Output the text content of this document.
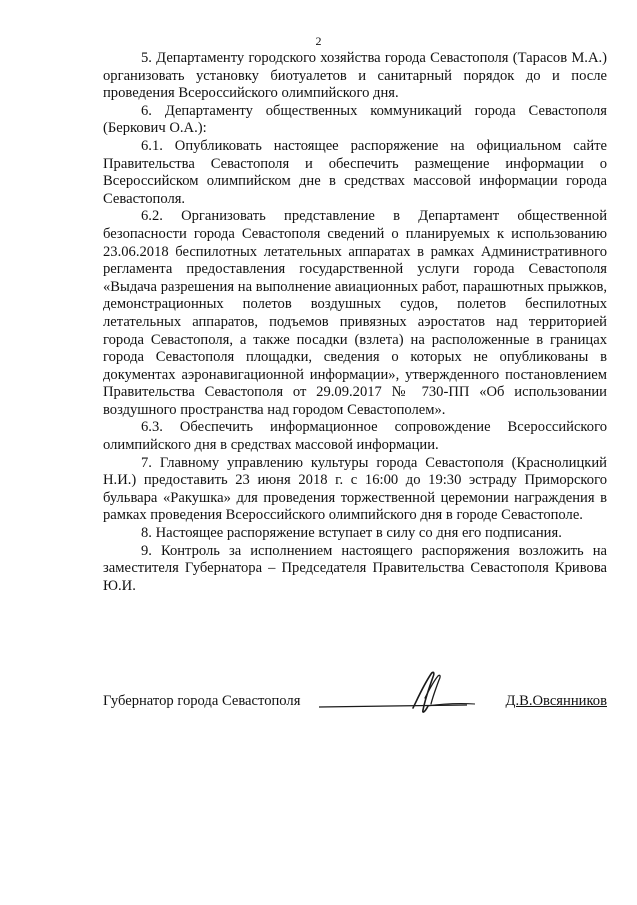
2

5. Департаменту городского хозяйства города Севастополя (Тарасов М.А.) организовать установку биотуалетов и санитарный порядок до и после проведения Всероссийского олимпийского дня.

6. Департаменту общественных коммуникаций города Севастополя (Беркович О.А.):

6.1. Опубликовать настоящее распоряжение на официальном сайте Правительства Севастополя и обеспечить размещение информации о Всероссийском олимпийском дне в средствах массовой информации города Севастополя.

6.2. Организовать представление в Департамент общественной безопасности города Севастополя сведений о планируемых к использованию 23.06.2018 беспилотных летательных аппаратах в рамках Административного регламента предоставления государственной услуги города Севастополя «Выдача разрешения на выполнение авиационных работ, парашютных прыжков, демонстрационных полетов воздушных судов, полетов беспилотных летательных аппаратов, подъемов привязных аэростатов над территорией города Севастополя, а также посадки (взлета) на расположенные в границах города Севастополя площадки, сведения о которых не опубликованы в документах аэронавигационной информации», утвержденного постановлением Правительства Севастополя от 29.09.2017 № 730-ПП «Об использовании воздушного пространства над городом Севастополем».

6.3. Обеспечить информационное сопровождение Всероссийского олимпийского дня в средствах массовой информации.

7. Главному управлению культуры города Севастополя (Краснолицкий Н.И.) предоставить 23 июня 2018 г. с 16:00 до 19:30 эстраду Приморского бульвара «Ракушка» для проведения торжественной церемонии награждения в рамках проведения Всероссийского олимпийского дня в городе Севастополе.

8. Настоящее распоряжение вступает в силу со дня его подписания.

9. Контроль за исполнением настоящего распоряжения возложить на заместителя Губернатора – Председателя Правительства Севастополя Кривова Ю.И.

Губернатор города Севастополя	Д.В.Овсянников
